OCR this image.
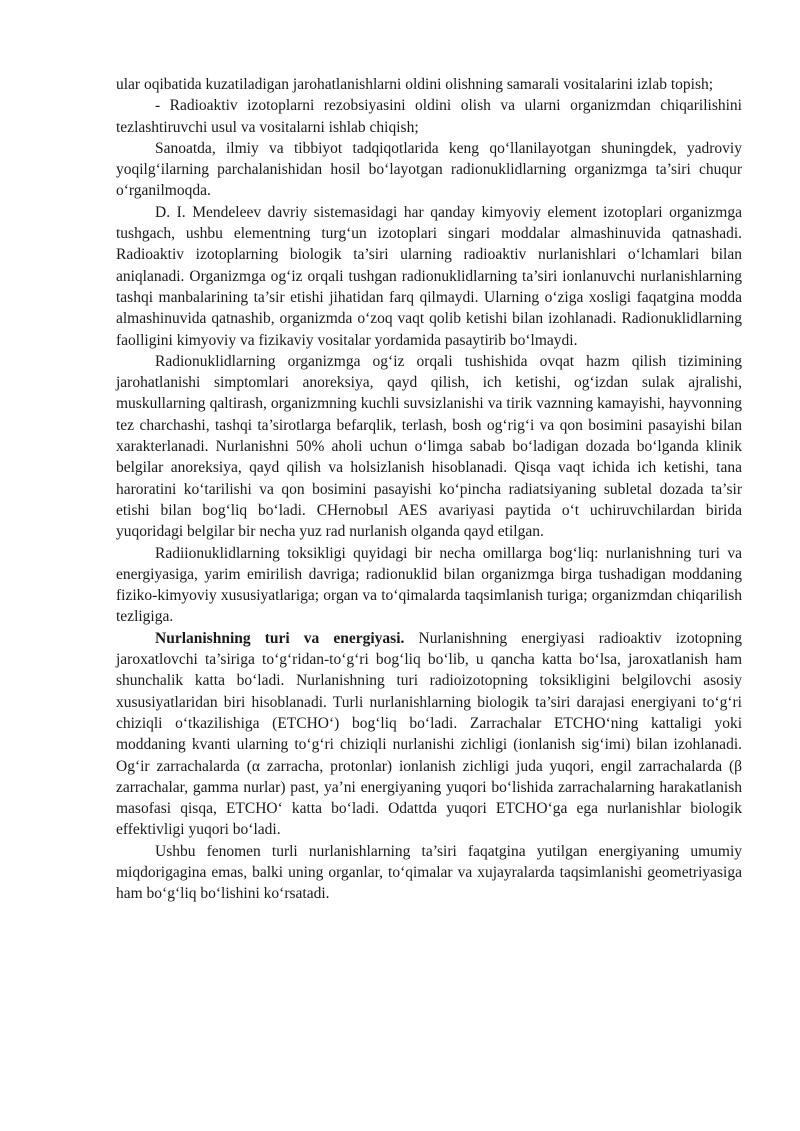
ular oqibatida kuzatiladigan jarohatlanishlarni oldini olishning samarali vositalarini izlab topish;

- Radioaktiv izotoplarni rezobsiyasini oldini olish va ularni organizmdan chiqarilishini tezlashtiruvchi usul va vositalarni ishlab chiqish;

Sanoatda, ilmiy va tibbiyot tadqiqotlarida keng qo‘llanilayotgan shuningdek, yadroviy yoqilg‘ilarning parchalanishidan hosil bo‘layotgan radionuklidlarning organizmga ta’siri chuqur o‘rganilmoqda.

D. I. Mendeleev davriy sistemasidagi har qanday kimyoviy element izotoplari organizmga tushgach, ushbu elementning turg‘un izotoplari singari moddalar almashinuvida qatnashadi. Radioaktiv izotoplarning biologik ta’siri ularning radioaktiv nurlanishlari o‘lchamlari bilan aniqlanadi. Organizmga og‘iz orqali tushgan radionuklidlarning ta’siri ionlanuvchi nurlanishlarning tashqi manbalarining ta’sir etishi jihatidan farq qilmaydi. Ularning o‘ziga xosligi faqatgina modda almashinuvida qatnashib, organizmda o‘zoq vaqt qolib ketishi bilan izohlanadi. Radionuklidlarning faolligini kimyoviy va fizikaviy vositalar yordamida pasaytirib bo‘lmaydi.

Radionuklidlarning organizmga og‘iz orqali tushishida ovqat hazm qilish tizimining jarohatlanishi simptomlari anoreksiya, qayd qilish, ich ketishi, og‘izdan sulak ajralishi, muskullarning qaltirash, organizmning kuchli suvsizlanishi va tirik vaznning kamayishi, hayvonning tez charchashi, tashqi ta’sirotlarga befarqlik, terlash, bosh og‘rig‘i va qon bosimini pasayishi bilan xarakterlanadi. Nurlanishni 50% aholi uchun o‘limga sabab bo‘ladigan dozada bo‘lganda klinik belgilar anoreksiya, qayd qilish va holsizlanish hisoblanadi. Qisqa vaqt ichida ich ketishi, tana haroratini ko‘tarilishi va qon bosimini pasayishi ko‘pincha radiatsiyaning subletal dozada ta’sir etishi bilan bog‘liq bo‘ladi. CHernobыl AES avariyasi paytida o‘t uchiruvchilardan birida yuqoridagi belgilar bir necha yuz rad nurlanish olganda qayd etilgan.

Radiionuklidlarning toksikligi quyidagi bir necha omillarga bog‘liq: nurlanishning turi va energiyasiga, yarim emirilish davriga; radionuklid bilan organizmga birga tushadigan moddaning fiziko-kimyoviy xususiyatlariga; organ va to‘qimalarda taqsimlanish turiga; organizmdan chiqarilish tezligiga.

Nurlanishning turi va energiyasi. Nurlanishning energiyasi radioaktiv izotopning jaroxatlovchi ta’siriga to‘g‘ridan-to‘g‘ri bog‘liq bo‘lib, u qancha katta bo‘lsa, jaroxatlanish ham shunchalik katta bo‘ladi. Nurlanishning turi radioizotopning toksikligini belgilovchi asosiy xususiyatlaridan biri hisoblanadi. Turli nurlanishlarning biologik ta’siri darajasi energiyani to‘g‘ri chiziqli o‘tkazilishiga (ETCHO‘) bog‘liq bo‘ladi. Zarrachalar ETCHO‘ning kattaligi yoki moddaning kvanti ularning to‘g‘ri chiziqli nurlanishi zichligi (ionlanish sig‘imi) bilan izohlanadi. Og‘ir zarrachalarda (α zarracha, protonlar) ionlanish zichligi juda yuqori, engil zarrachalarda (β zarrachalar, gamma nurlar) past, ya’ni energiyaning yuqori bo‘lishida zarrachalarning harakatlanish masofasi qisqa, ETCHO‘ katta bo‘ladi. Odattda yuqori ETCHO‘ga ega nurlanishlar biologik effektivligi yuqori bo‘ladi.

Ushbu fenomen turli nurlanishlarning ta’siri faqatgina yutilgan energiyaning umumiy miqdorigagina emas, balki uning organlar, to‘qimalar va xujayralarda taqsimlanishi geometriyasiga ham bo‘g‘liq bo‘lishini ko‘rsatadi.
